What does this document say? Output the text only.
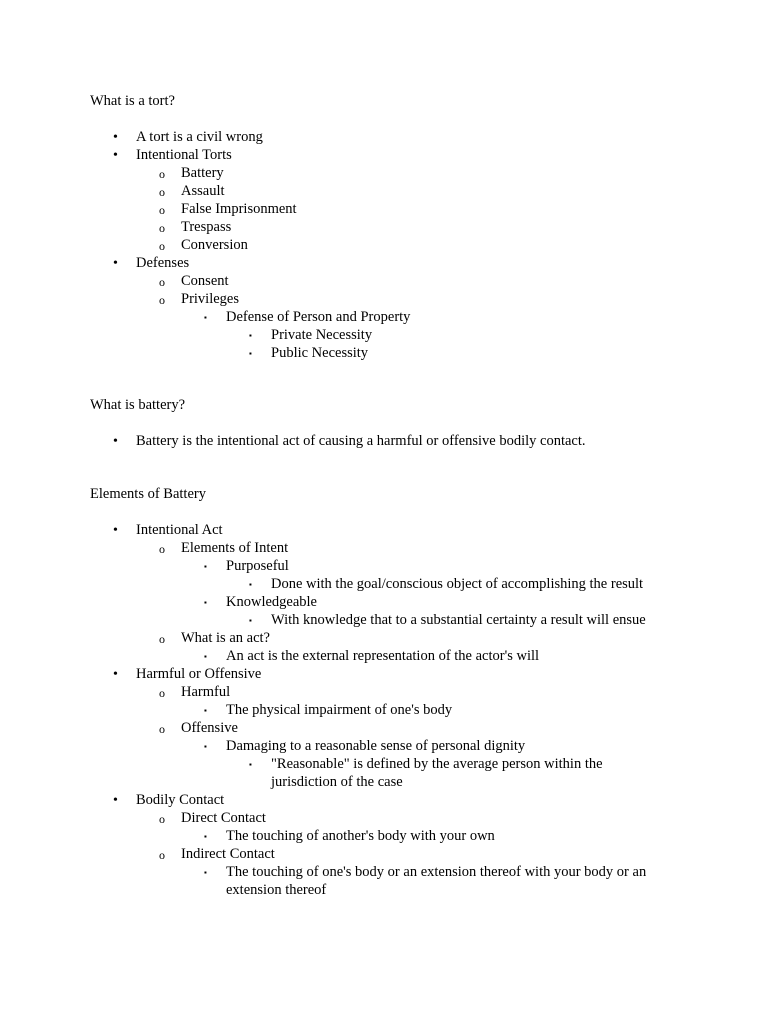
What is a tort?
• A tort is a civil wrong
• Intentional Torts
o Battery
o Assault
o False Imprisonment
o Trespass
o Conversion
• Defenses
o Consent
o Privileges
▪ Defense of Person and Property
▪ Private Necessity
▪ Public Necessity
What is battery?
• Battery is the intentional act of causing a harmful or offensive bodily contact.
Elements of Battery
• Intentional Act
o Elements of Intent
▪ Purposeful
▪ Done with the goal/conscious object of accomplishing the result
▪ Knowledgeable
▪ With knowledge that to a substantial certainty a result will ensue
o What is an act?
▪ An act is the external representation of the actor's will
• Harmful or Offensive
o Harmful
▪ The physical impairment of one's body
o Offensive
▪ Damaging to a reasonable sense of personal dignity
▪ "Reasonable" is defined by the average person within the jurisdiction of the case
• Bodily Contact
o Direct Contact
▪ The touching of another's body with your own
o Indirect Contact
▪ The touching of one's body or an extension thereof with your body or an extension thereof
